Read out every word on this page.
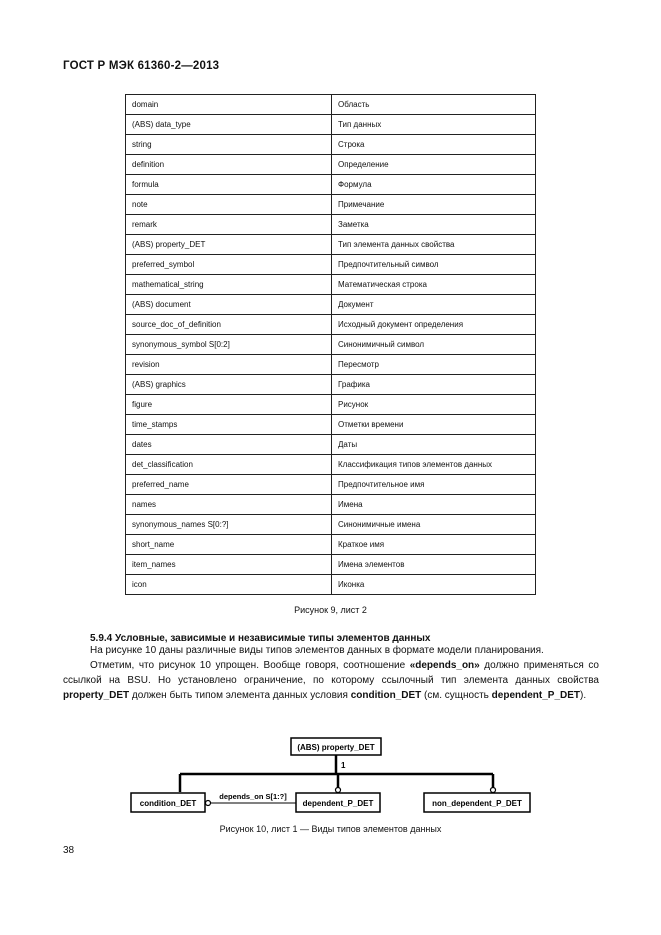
ГОСТ Р МЭК 61360-2—2013
domain	Область
(ABS) data_type	Тип данных
string	Строка
definition	Определение
formula	Формула
note	Примечание
remark	Заметка
(ABS) property_DET	Тип элемента данных свойства
preferred_symbol	Предпочтительный символ
mathematical_string	Математическая строка
(ABS) document	Документ
source_doc_of_definition	Исходный документ определения
synonymous_symbol S[0:2]	Синонимичный символ
revision	Пересмотр
(ABS) graphics	Графика
figure	Рисунок
time_stamps	Отметки времени
dates	Даты
det_classification	Классификация типов элементов данных
preferred_name	Предпочтительное имя
names	Имена
synonymous_names S[0:?]	Синонимичные имена
short_name	Краткое имя
item_names	Имена элементов
icon	Иконка
Рисунок 9, лист 2
5.9.4 Условные, зависимые и независимые типы элементов данных
На рисунке 10 даны различные виды типов элементов данных в формате модели планирования.
Отметим, что рисунок 10 упрощен. Вообще говоря, соотношение «depends_on» должно применяться со ссылкой на BSU. Но установлено ограничение, по которому ссылочный тип элемента данных свойства property_DET должен быть типом элемента данных условия condition_DET (см. сущность dependent_P_DET).
(ABS) property_DET
1
condition_DET	dependent_P_DET	non_dependent_P_DET
depends_on S[1:?]
Рисунок 10, лист 1 — Виды типов элементов данных
38
